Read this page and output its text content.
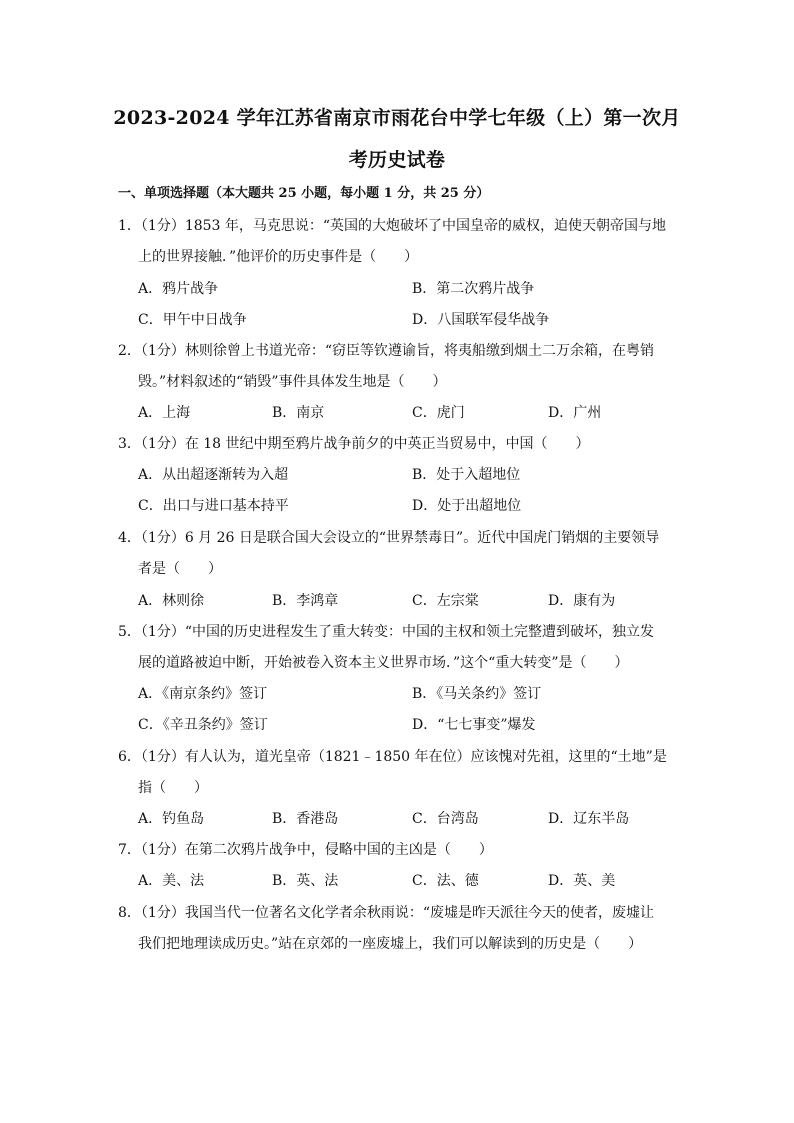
2023-2024 学年江苏省南京市雨花台中学七年级（上）第一次月
考历史试卷
一、单项选择题（本大题共 25 小题，每小题 1 分，共 25 分）
1．（1分）1853 年，马克思说：“英国的大炮破坏了中国皇帝的威权，迫使天朝帝国与地
上的世界接触．”他评价的历史事件是（　　）
A．鸦片战争	B．第二次鸦片战争
C．甲午中日战争	D．八国联军侵华战争
2．（1分）林则徐曾上书道光帝：“窃臣等钦遵谕旨，将夷船缴到烟土二万余箱，在粤销
毁。”材料叙述的“销毁”事件具体发生地是（　　）
A．上海	B．南京	C．虎门	D．广州
3．（1分）在 18 世纪中期至鸦片战争前夕的中英正当贸易中，中国（　　）
A．从出超逐渐转为入超	B．处于入超地位
C．出口与进口基本持平	D．处于出超地位
4．（1分）6 月 26 日是联合国大会设立的“世界禁毒日”。近代中国虎门销烟的主要领导
者是（　　）
A．林则徐	B．李鸿章	C．左宗棠	D．康有为
5．（1分）“中国的历史进程发生了重大转变：中国的主权和领土完整遭到破坏，独立发
展的道路被迫中断，开始被卷入资本主义世界市场．”这个“重大转变”是（　　）
A．《南京条约》签订	B．《马关条约》签订
C．《辛丑条约》签订	D．“七七事变”爆发
6．（1分）有人认为，道光皇帝（1821﹣1850 年在位）应该愧对先祖，这里的“土地”是
指（　　）
A．钓鱼岛	B．香港岛	C．台湾岛	D．辽东半岛
7．（1分）在第二次鸦片战争中，侵略中国的主凶是（　　）
A．美、法	B．英、法	C．法、德	D．英、美
8．（1分）我国当代一位著名文化学者余秋雨说：“废墟是昨天派往今天的使者，废墟让
我们把地理读成历史。”站在京郊的一座废墟上，我们可以解读到的历史是（　　）
